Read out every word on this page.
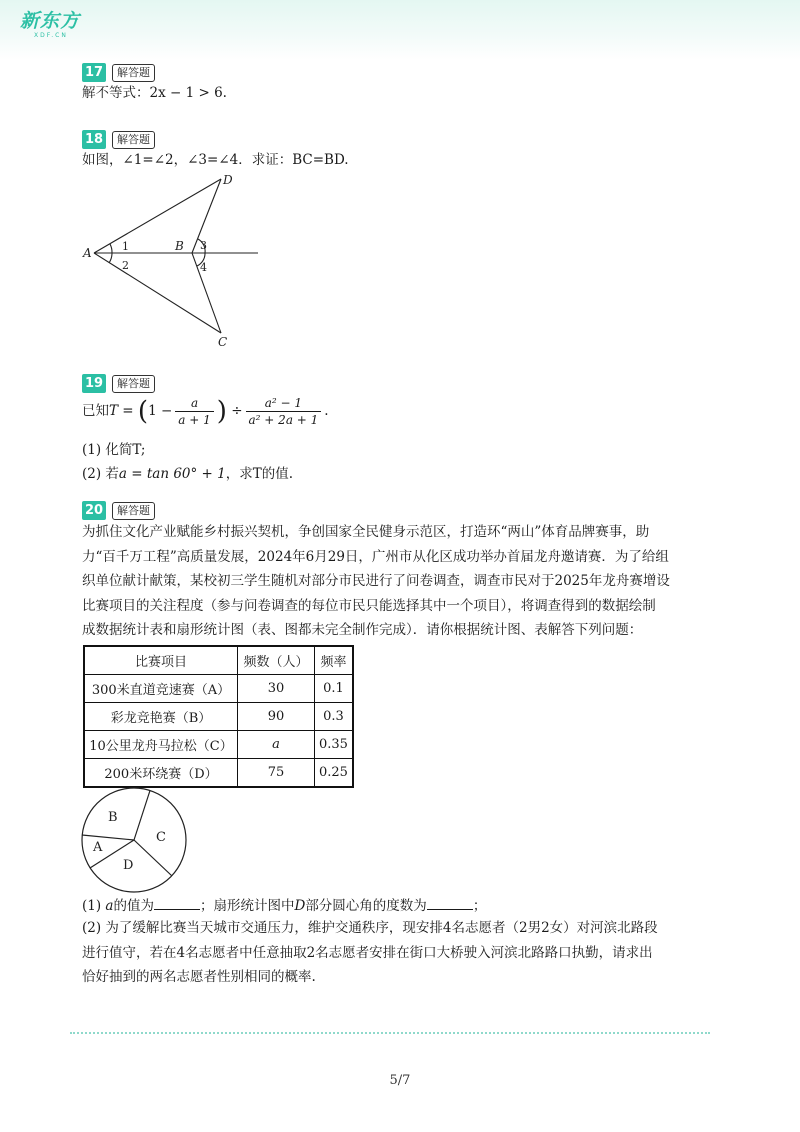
新东方
XDF.CN
17 解答题
解不等式：2x − 1 > 6.
18 解答题
如图，∠1=∠2，∠3=∠4．求证：BC=BD.
A	B
D
C
1
2
3
4
19 解答题
已知$T = (1 - \frac{a}{a + 1}$ ) ÷ $\frac{\text{a² − 1}}{\text{a² + 2a + 1}}$ .
(1) 化简T;
(2) 若a = tan 60° + 1，求T的值.
20 解答题
为抓住文化产业赋能乡村振兴契机，争创国家全民健身示范区，打造环“两山”体育品牌赛事，助
力“百千万工程”高质量发展，2024年6月29日，广州市从化区成功举办首届龙舟邀请赛．为了给组
织单位献计献策，某校初三学生随机对部分市民进行了问卷调查，调查市民对于2025年龙舟赛增设
比赛项目的关注程度（参与问卷调查的每位市民只能选择其中一个项目），将调查得到的数据绘制
成数据统计表和扇形统计图（表、图都未完全制作完成）．请你根据统计图、表解答下列问题：
比赛项目	频数（人）	频率
300米直道竞速赛（A）	30	0.1
彩龙竞艳赛（B）	90	0.3
10公里龙舟马拉松（C）	a	0.35
200米环绕赛（D）	75	0.25
B
C
A
D
(1) a的值为	；扇形统计图中D部分圆心角的度数为	；
(2) 为了缓解比赛当天城市交通压力，维护交通秩序，现安排4名志愿者（2男2女）对河滨北路段
进行值守，若在4名志愿者中任意抽取2名志愿者安排在街口大桥驶入河滨北路路口执勤，请求出
恰好抽到的两名志愿者性别相同的概率.
5/7
